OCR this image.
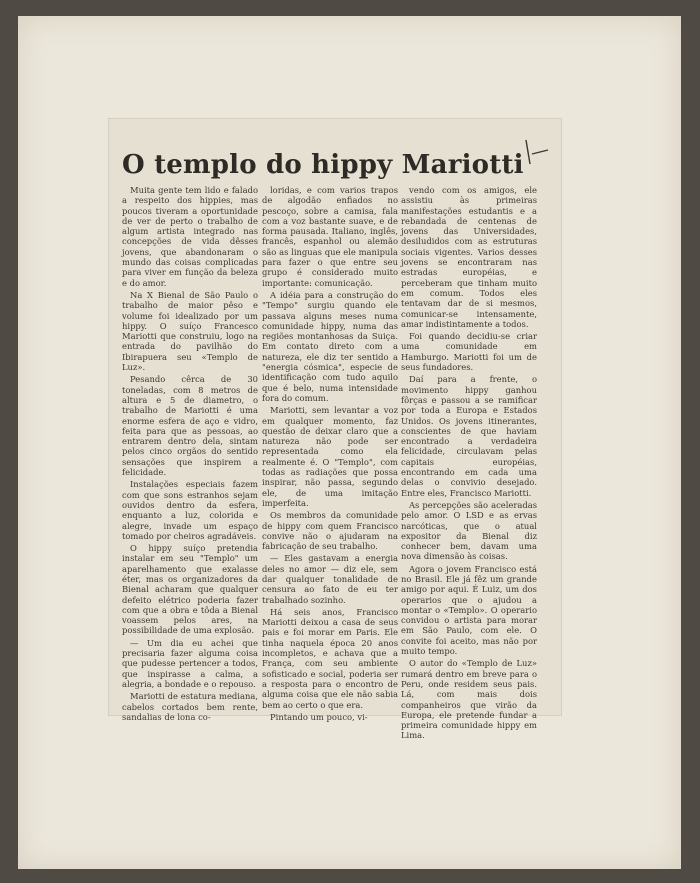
O templo do hippy Mariotti

Muita gente tem lido e falado a respeito dos hippies, mas poucos tiveram a oportunidade de ver de perto o trabalho de algum artista integrado nas concepções de vida dêsses jovens, que abandonaram o mundo das coisas complicadas para viver em função da beleza e do amor.

Na X Bienal de São Paulo o trabalho de maior pêso e volume foi idealizado por um hippy. O suíço Francesco Mariotti que construiu, logo na entrada do pavilhão do Ibirapuera seu «Templo de Luz».

Pesando cêrca de 30 toneladas, com 8 metros de altura e 5 de diametro, o trabalho de Mariotti é uma enorme esfera de aço e vidro, feita para que as pessoas, ao entrarem dentro dela, sintam pelos cinco orgãos do sentido sensações que inspirem a felicidade.

Instalações especiais fazem com que sons estranhos sejam ouvidos dentro da esfera, enquanto a luz, colorida e alegre, invade um espaço tomado por cheiros agradáveis.

O hippy suíço pretendia instalar em seu "Templo" um aparelhamento que exalasse éter, mas os organizadores da Bienal acharam que qualquer defeito elétrico poderia fazer com que a obra e tôda a Bienal voassem pelos ares, na possibilidade de uma explosão.

— Um dia eu achei que precisaria fazer alguma coisa que pudesse pertencer a todos, que inspirasse a calma, a alegria, a bondade e o repouso.

Mariotti de estatura mediana, cabelos cortados bem rente, sandalias de lona co-

loridas, e com varios trapos de algodão enfiados no pescoço, sobre a camisa, fala com a voz bastante suave, e de forma pausada. Italiano, inglês, francês, espanhol ou alemão são as linguas que ele manipula para fazer o que entre seu grupo é considerado muito importante: comunicação.

A idéia para a construção do "Tempo" surgiu quando ele passava alguns meses numa comunidade hippy, numa das regiões montanhosas da Suiça. Em contato direto com a natureza, ele diz ter sentido a "energia cósmica", especie de identificação com tudo aquilo que é belo, numa intensidade fora do comum.

Mariotti, sem levantar a voz em qualquer momento, faz questão de deixar claro que a natureza não pode ser representada como ela realmente é. O "Templo", com todas as radiações que possa inspirar, não passa, segundo ele, de uma imitação imperfeita.

Os membros da comunidade de hippy com quem Francisco convive não o ajudaram na fabricação de seu trabalho.

— Eles gastavam a energia deles no amor — diz ele, sem dar qualquer tonalidade de censura ao fato de eu ter trabalhado sozinho.

Há seis anos, Francisco Mariotti deixou a casa de seus pais e foi morar em Paris. Ele tinha naquela época 20 anos incompletos, e achava que a França, com seu ambiente sofisticado e social, poderia ser a resposta para o encontro de alguma coisa que ele não sabia bem ao certo o que era.

Pintando um pouco, vi-

vendo com os amigos, ele assistiu às primeiras manifestações estudantis e a rebandada de centenas de jovens das Universidades, desiludidos com as estruturas sociais vigentes. Varios desses jovens se encontraram nas estradas européias, e perceberam que tinham muito em comum. Todos eles tentavam dar de si mesmos, comunicar-se intensamente, amar indistintamente a todos.

Foi quando decidiu-se criar uma comunidade em Hamburgo. Mariotti foi um de seus fundadores.

Daí para a frente, o movimento hippy ganhou fôrças e passou a se ramificar por toda a Europa e Estados Unidos. Os jovens itinerantes, conscientes de que haviam encontrado a verdadeira felicidade, circulavam pelas capitais européias, encontrando em cada uma delas o convivio desejado. Entre eles, Francisco Mariotti.

As percepções são aceleradas pelo amor. O LSD e as ervas narcóticas, que o atual expositor da Bienal diz conhecer bem, davam uma nova dimensão às coisas.

Agora o jovem Francisco está no Brasil. Ele já fêz um grande amigo por aqui. É Luiz, um dos operarios que o ajudou a montar o «Templo». O operario convidou o artista para morar em São Paulo, com ele. O convite foi aceito, mas não por muito tempo.

O autor do «Templo de Luz» rumará dentro em breve para o Peru, onde residem seus pais. Lá, com mais dois companheiros que virão da Europa, ele pretende fundar a primeira comunidade hippy em Lima.
